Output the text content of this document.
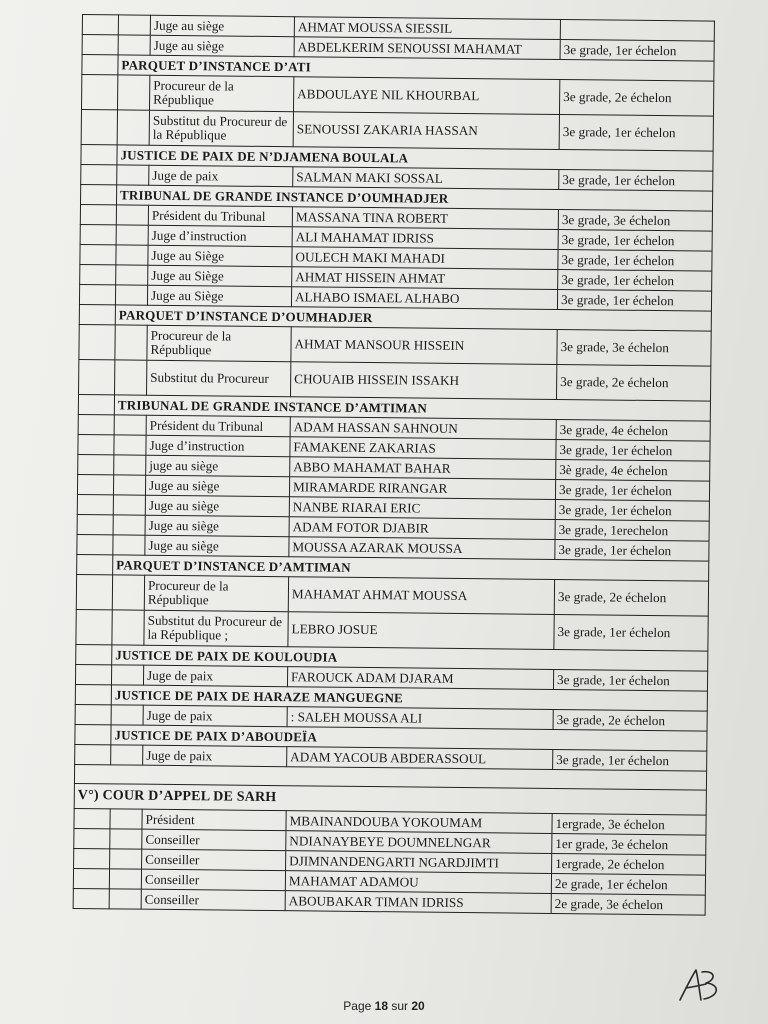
		Juge au siège	AHMAT MOUSSA SIESSIL	
		Juge au siège	ABDELKERIM SENOUSSI MAHAMAT	3e grade, 1er échelon
	PARQUET D’INSTANCE D’ATI			
		Procureur de la République	ABDOULAYE NIL KHOURBAL	3e grade, 2e échelon
		Substitut du Procureur de la République	SENOUSSI ZAKARIA HASSAN	3e grade, 1er échelon
	JUSTICE DE PAIX DE N’DJAMENA BOULALA			
		Juge de paix	SALMAN MAKI SOSSAL	3e grade, 1er échelon
	TRIBUNAL DE GRANDE INSTANCE D’OUMHADJER			
		Président du Tribunal	MASSANA TINA ROBERT	3e grade, 3e échelon
		Juge d’instruction	ALI MAHAMAT IDRISS	3e grade, 1er échelon
		Juge au Siège	OULECH MAKI MAHADI	3e grade, 1er échelon
		Juge au Siège	AHMAT HISSEIN AHMAT	3e grade, 1er échelon
		Juge au Siège	ALHABO ISMAEL ALHABO	3e grade, 1er échelon
	PARQUET D’INSTANCE D’OUMHADJER			
		Procureur de la République	AHMAT MANSOUR HISSEIN	3e grade, 3e échelon
		Substitut du Procureur	CHOUAIB HISSEIN ISSAKH	3e grade, 2e échelon
	TRIBUNAL DE GRANDE INSTANCE D’AMTIMAN			
		Président du Tribunal	ADAM HASSAN SAHNOUN	3e grade, 4e échelon
		Juge d’instruction	FAMAKENE ZAKARIAS	3e grade, 1er échelon
		juge au siège	ABBO MAHAMAT BAHAR	3è grade, 4e échelon
		Juge au siège	MIRAMARDE RIRANGAR	3e grade, 1er échelon
		Juge au siège	NANBE RIARAI ERIC	3e grade, 1er échelon
		Juge au siège	ADAM FOTOR DJABIR	3e grade, 1erechelon
		Juge au siège	MOUSSA AZARAK MOUSSA	3e grade, 1er échelon
	PARQUET D’INSTANCE D’AMTIMAN			
		Procureur de la République	MAHAMAT AHMAT MOUSSA	3e grade, 2e échelon
		Substitut du Procureur de la République ;	LEBRO JOSUE	3e grade, 1er échelon
	JUSTICE DE PAIX DE KOULOUDIA			
		Juge de paix	FAROUCK ADAM DJARAM	3e grade, 1er échelon
	JUSTICE DE PAIX DE HARAZE MANGUEGNE			
		Juge de paix	: SALEH MOUSSA ALI	3e grade, 2e échelon
	JUSTICE DE PAIX D’ABOUDEÏA			
		Juge de paix	ADAM YACOUB ABDERASSOUL	3e grade, 1er échelon

V°) COUR D’APPEL DE SARH				
		Président	MBAINANDOUBA YOKOUMAM	1ergrade, 3e échelon
		Conseiller	NDIANAYBEYE DOUMNELNGAR	1er grade, 3e échelon
		Conseiller	DJIMNANDENGARTI NGARDJIMTI	1ergrade, 2e échelon
		Conseiller	MAHAMAT ADAMOU	2e grade, 1er échelon
		Conseiller	ABOUBAKAR TIMAN IDRISS	2e grade, 3e échelon
Page 18 sur 20
